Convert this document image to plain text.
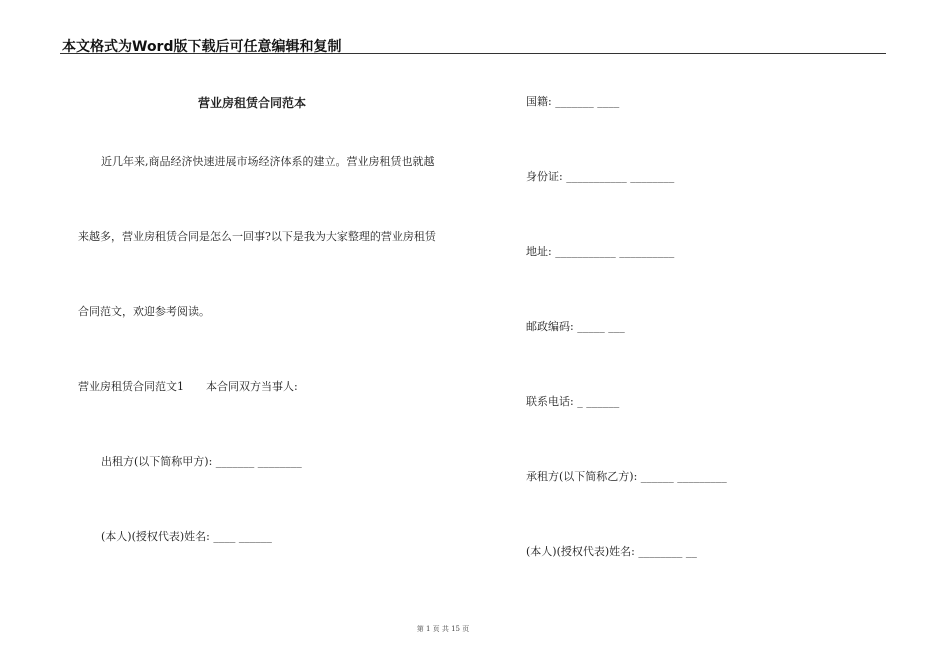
本文格式为Word版下载后可任意编辑和复制
营业房租赁合同范本
近几年来,商品经济快速进展市场经济体系的建立。营业房租赁也就越
来越多，营业房租赁合同是怎么一回事?以下是我为大家整理的营业房租赁
合同范文，欢迎参考阅读。
营业房租赁合同范文1　　本合同双方当事人:
出租方(以下简称甲方): _______ ________
(本人)(授权代表)姓名: ____ ______
国籍: _______ ____
身份证: ___________ ________
地址: ___________ __________
邮政编码: _____ ___
联系电话: _ ______
承租方(以下简称乙方): ______ _________
(本人)(授权代表)姓名: ________ __
第 1 页 共 15 页
